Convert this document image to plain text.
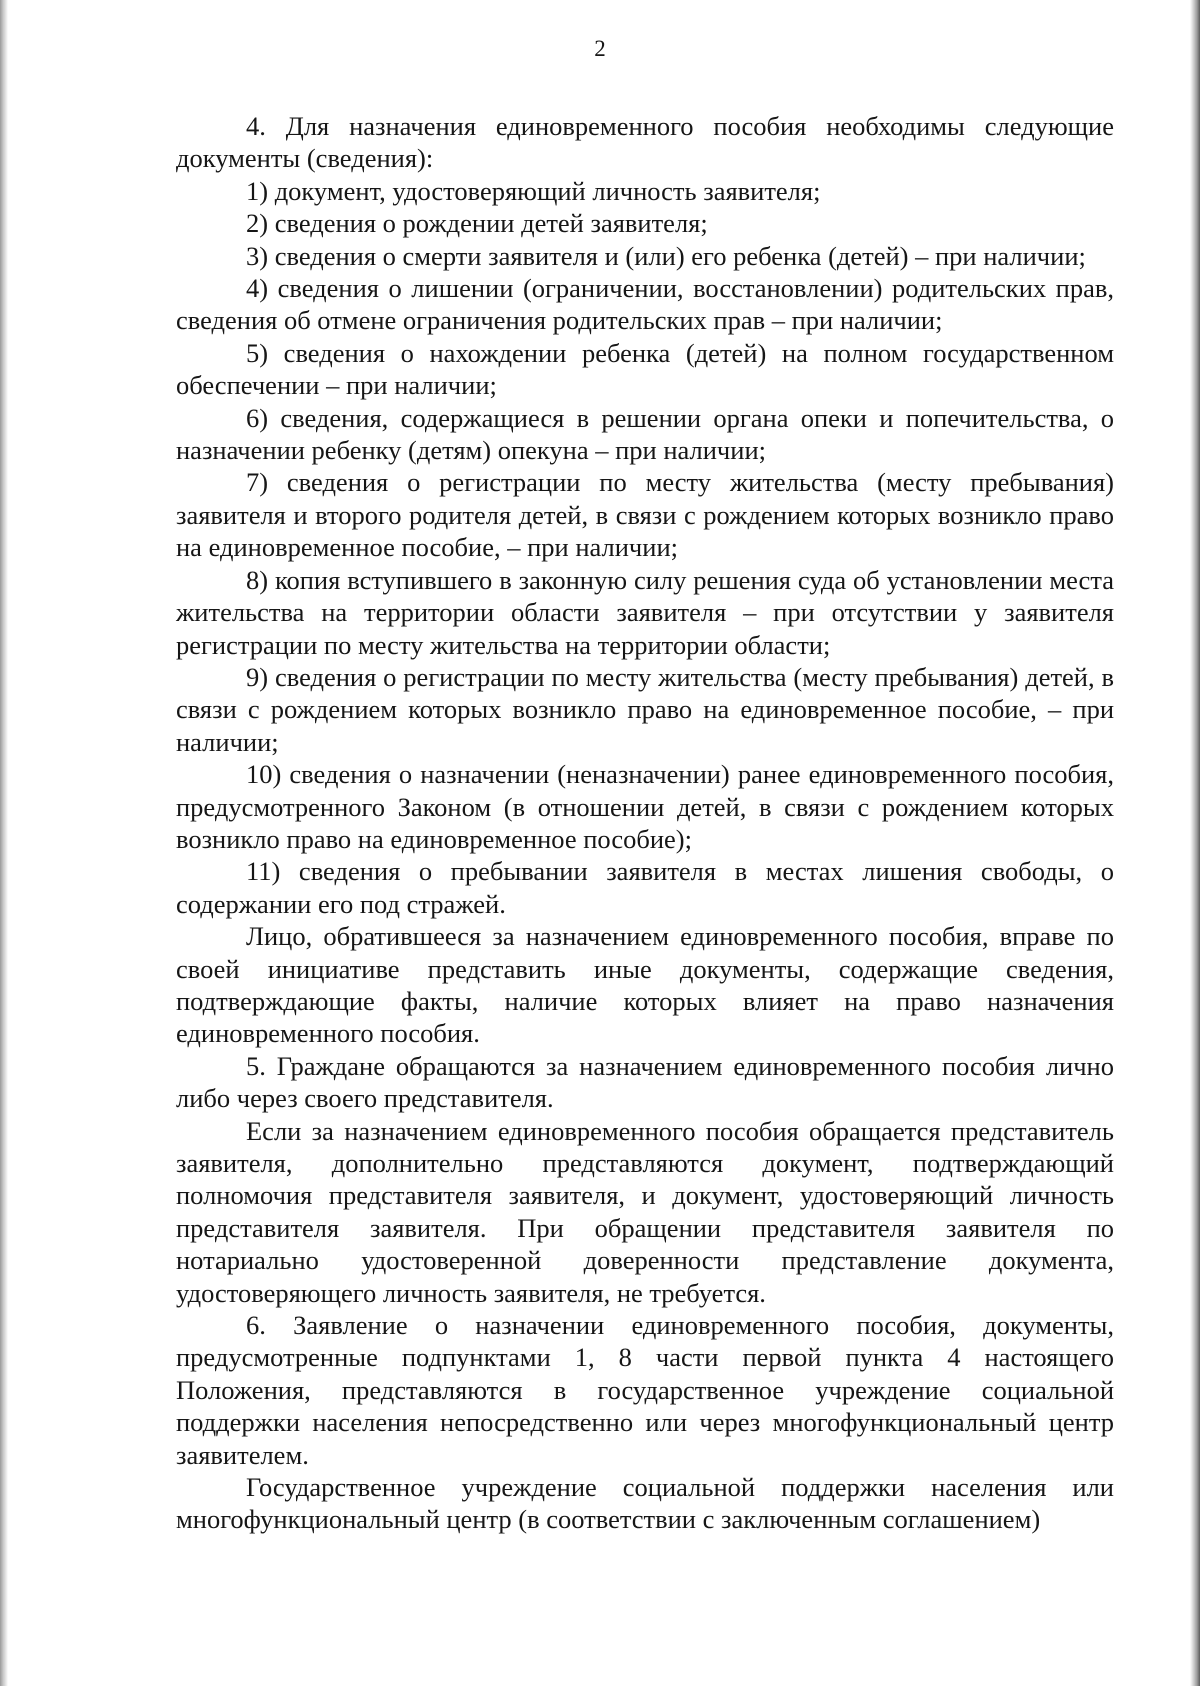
2

4. Для назначения единовременного пособия необходимы следующие документы (сведения):

1) документ, удостоверяющий личность заявителя;

2) сведения о рождении детей заявителя;

3) сведения о смерти заявителя и (или) его ребенка (детей) – при наличии;

4) сведения о лишении (ограничении, восстановлении) родительских прав, сведения об отмене ограничения родительских прав – при наличии;

5) сведения о нахождении ребенка (детей) на полном государственном обеспечении – при наличии;

6) сведения, содержащиеся в решении органа опеки и попечительства, о назначении ребенку (детям) опекуна – при наличии;

7) сведения о регистрации по месту жительства (месту пребывания) заявителя и второго родителя детей, в связи с рождением которых возникло право на единовременное пособие, – при наличии;

8) копия вступившего в законную силу решения суда об установлении места жительства на территории области заявителя – при отсутствии у заявителя регистрации по месту жительства на территории области;

9) сведения о регистрации по месту жительства (месту пребывания) детей, в связи с рождением которых возникло право на единовременное пособие, – при наличии;

10) сведения о назначении (неназначении) ранее единовременного пособия, предусмотренного Законом (в отношении детей, в связи с рождением которых возникло право на единовременное пособие);

11) сведения о пребывании заявителя в местах лишения свободы, о содержании его под стражей.

Лицо, обратившееся за назначением единовременного пособия, вправе по своей инициативе представить иные документы, содержащие сведения, подтверждающие факты, наличие которых влияет на право назначения единовременного пособия.

5. Граждане обращаются за назначением единовременного пособия лично либо через своего представителя.

Если за назначением единовременного пособия обращается представитель заявителя, дополнительно представляются документ, подтверждающий полномочия представителя заявителя, и документ, удостоверяющий личность представителя заявителя. При обращении представителя заявителя по нотариально удостоверенной доверенности представление документа, удостоверяющего личность заявителя, не требуется.

6. Заявление о назначении единовременного пособия, документы, предусмотренные подпунктами 1, 8 части первой пункта 4 настоящего Положения, представляются в государственное учреждение социальной поддержки населения непосредственно или через многофункциональный центр заявителем.

Государственное учреждение социальной поддержки населения или многофункциональный центр (в соответствии с заключенным соглашением)
